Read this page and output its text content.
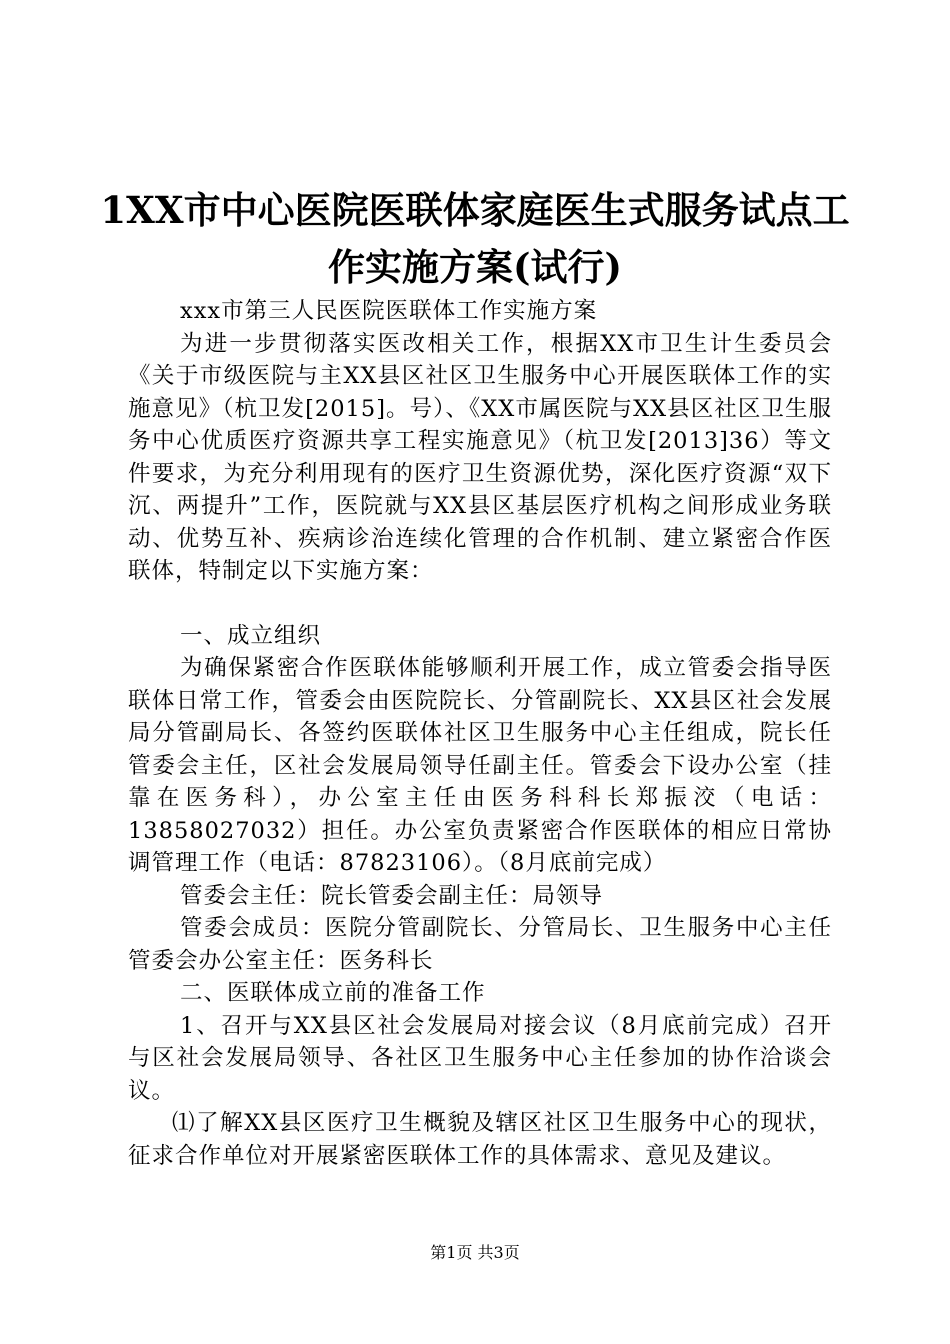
1XX市中心医院医联体家庭医生式服务试点工
作实施方案(试行)

xxx市第三人民医院医联体工作实施方案

为进一步贯彻落实医改相关工作，根据XX市卫生计生委员会《关于市级医院与主XX县区社区卫生服务中心开展医联体工作的实施意见》（杭卫发[2015]。号）、《XX市属医院与XX县区社区卫生服务中心优质医疗资源共享工程实施意见》（杭卫发[2013]36）等文件要求，为充分利用现有的医疗卫生资源优势，深化医疗资源“双下沉、两提升”工作，医院就与XX县区基层医疗机构之间形成业务联动、优势互补、疾病诊治连续化管理的合作机制、建立紧密合作医联体，特制定以下实施方案：

一、成立组织

为确保紧密合作医联体能够顺利开展工作，成立管委会指导医联体日常工作，管委会由医院院长、分管副院长、XX县区社会发展局分管副局长、各签约医联体社区卫生服务中心主任组成，院长任管委会主任，区社会发展局领导任副主任。管委会下设办公室（挂靠在医务科），办公室主任由医务科科长郑振洨（电话：13858027032）担任。办公室负责紧密合作医联体的相应日常协调管理工作（电话：87823106）。（8月底前完成）

管委会主任：院长管委会副主任：局领导

管委会成员：医院分管副院长、分管局长、卫生服务中心主任管委会办公室主任：医务科长

二、医联体成立前的准备工作

1、召开与XX县区社会发展局对接会议（8月底前完成）召开与区社会发展局领导、各社区卫生服务中心主任参加的协作洽谈会议。

⑴了解XX县区医疗卫生概貌及辖区社区卫生服务中心的现状，征求合作单位对开展紧密医联体工作的具体需求、意见及建议。

第1页 共3页
